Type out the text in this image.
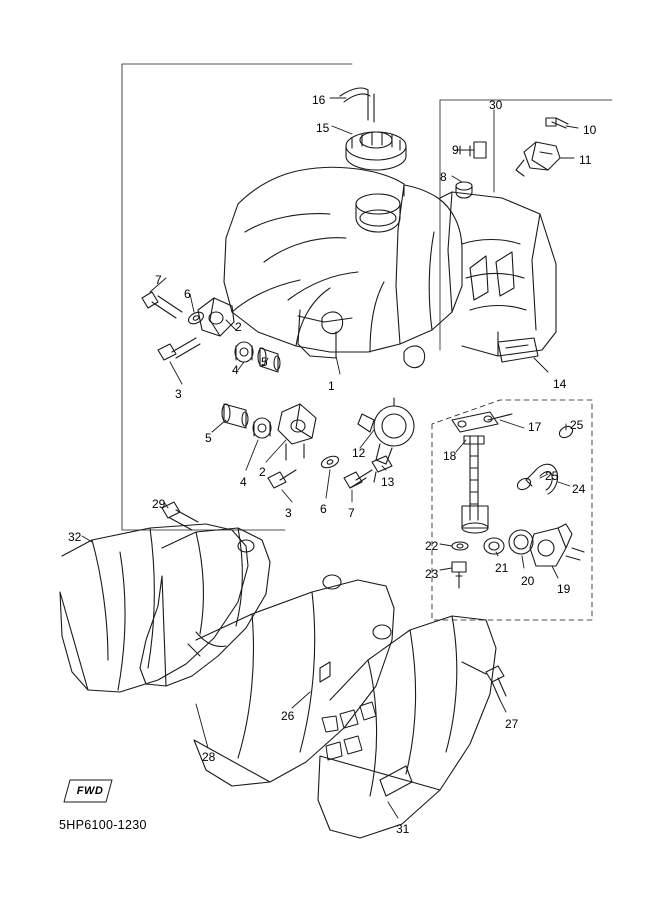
16	30
15	10
9
11
8
7
6
2
4
5
3
1	14
5
4
2
12
13
17
18
25
25
24
3 6 7
29
22
21
20
19
23
32
28
26
27
31
FWD
5HP6100-1230
